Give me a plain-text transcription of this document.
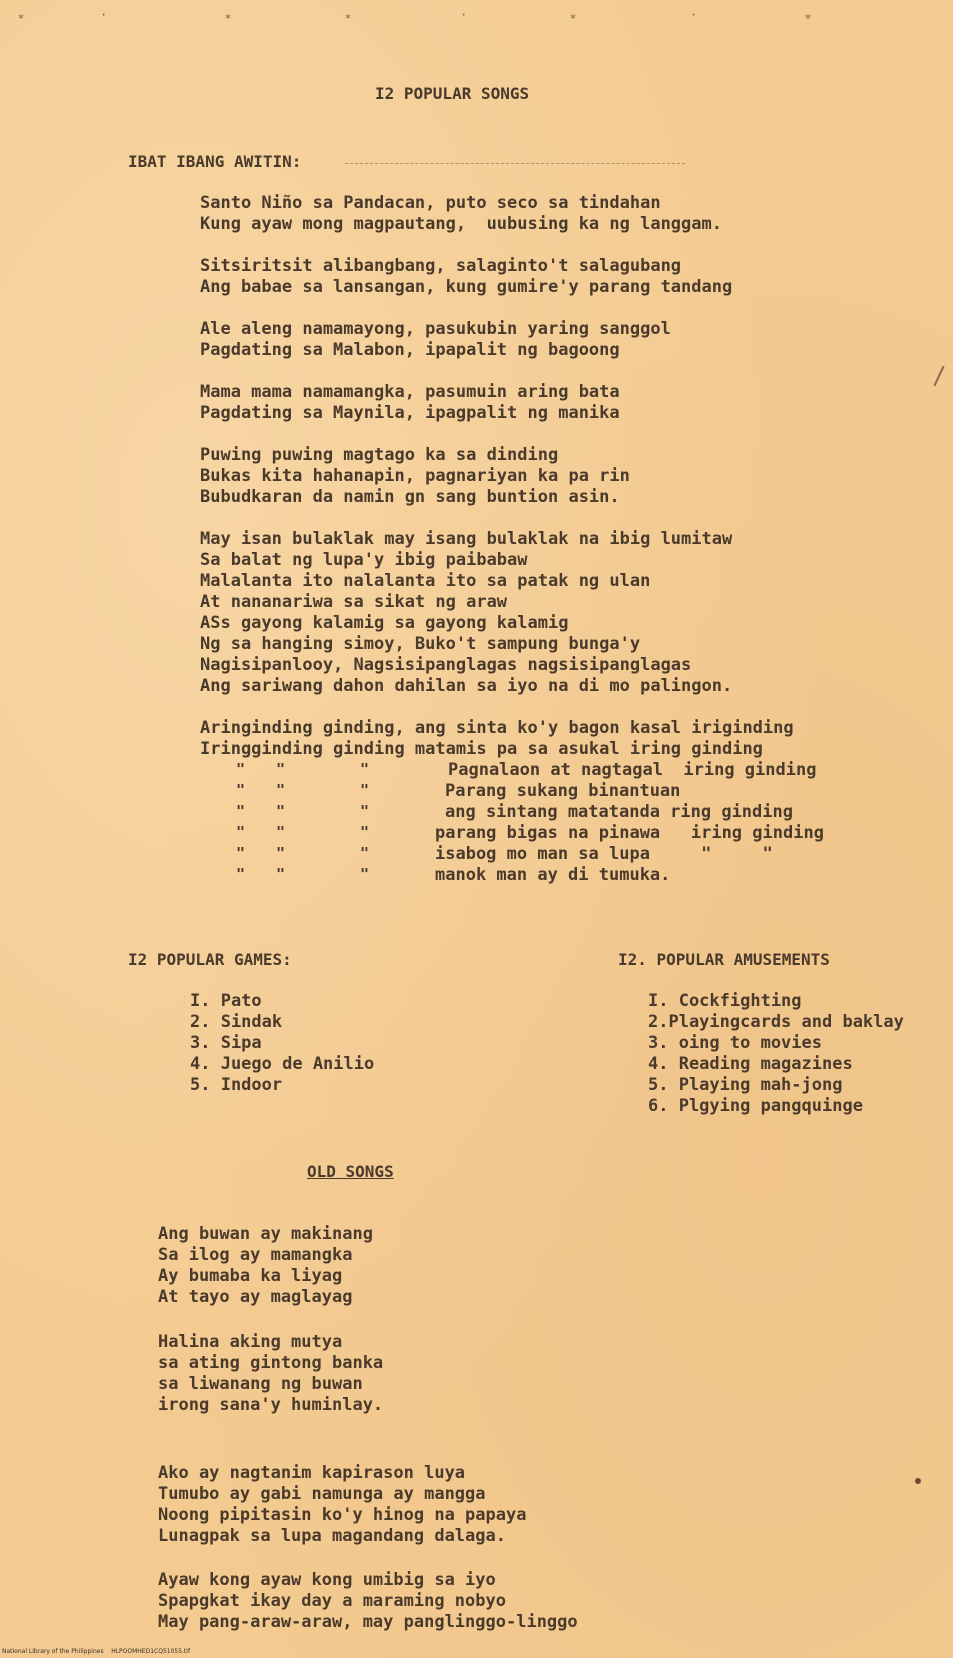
⁎	·	⁎	⁎	·	⁎	·	⁎
I2 POPULAR SONGS
IBAT IBANG AWITIN:
Santo Niño sa Pandacan, puto seco sa tindahan
Kung ayaw mong magpautang,  uubusing ka ng langgam.
Sitsiritsit alibangbang, salaginto't salagubang
Ang babae sa lansangan, kung gumire'y parang tandang
Ale aleng namamayong, pasukubin yaring sanggol
Pagdating sa Malabon, ipapalit ng bagoong
Mama mama namamangka, pasumuin aring bata
Pagdating sa Maynila, ipagpalit ng manika
Puwing puwing magtago ka sa dinding
Bukas kita hahanapin, pagnariyan ka pa rin
Bubudkaran da namin gn sang buntion asin.
May isan bulaklak may isang bulaklak na ibig lumitaw
Sa balat ng lupa'y ibig paibabaw
Malalanta ito nalalanta ito sa patak ng ulan
At nananariwa sa sikat ng araw
ASs gayong kalamig sa gayong kalamig
Ng sa hanging simoy, Buko't sampung bunga'y
Nagisipanlooy, Nagsisipanglagas nagsisipanglagas
Ang sariwang dahon dahilan sa iyo na di mo palingon.
Aringinding ginding, ang sinta ko'y bagon kasal iriginding
Iringginding ginding matamis pa sa asukal iring ginding
" "	"	Pagnalaon at nagtagal  iring ginding
" "	"	Parang sukang binantuan
" "	"	ang sintang matatanda ring ginding
" "	"	parang bigas na pinawa   iring ginding
" "	"	isabog mo man sa lupa     "     "
" "	"	manok man ay di tumuka.
I2 POPULAR GAMES:
I. Pato
2. Sindak
3. Sipa
4. Juego de Anilio
5. Indoor
I2. POPULAR AMUSEMENTS
I. Cockfighting
2.Playingcards and baklay
3. oing to movies
4. Reading magazines
5. Playing mah-jong
6. Plgying pangquinge
OLD SONGS
Ang buwan ay makinang
Sa ilog ay mamangka
Ay bumaba ka liyag
At tayo ay maglayag
Halina aking mutya
sa ating gintong banka
sa liwanang ng buwan
irong sana'y huminlay.
Ako ay nagtanim kapirason luya
Tumubo ay gabi namunga ay mangga
Noong pipitasin ko'y hinog na papaya
Lunagpak sa lupa magandang dalaga.
Ayaw kong ayaw kong umibig sa iyo
Spapgkat ikay day a maraming nobyo
May pang-araw-araw, may panglinggo-linggo
National Library of the Philippines    HLPOOMHED1CQ51055.tif
